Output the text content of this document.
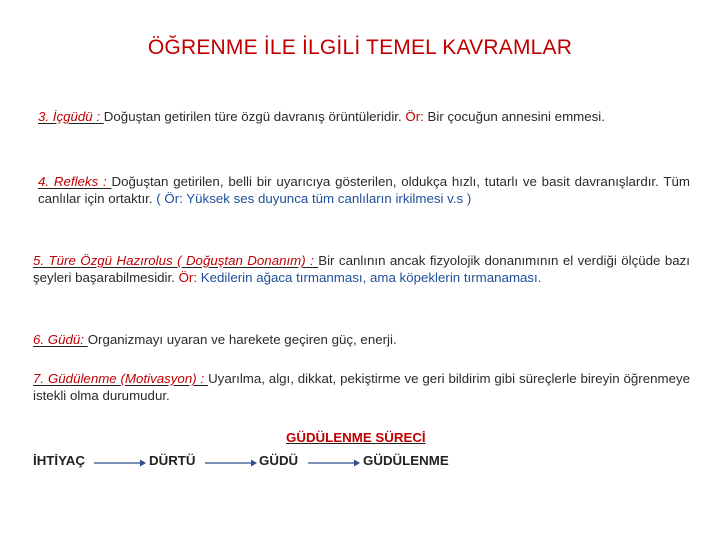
ÖĞRENME İLE İLGİLİ TEMEL KAVRAMLAR
3. İçgüdü : Doğuştan getirilen türe özgü davranış örüntüleridir. Ör: Bir çocuğun annesini emmesi.
4. Refleks : Doğuştan getirilen, belli bir uyarıcıya gösterilen, oldukça hızlı, tutarlı ve basit davranışlardır. Tüm canlılar için ortaktır. ( Ör: Yüksek ses duyunca tüm canlıların irkilmesi v.s )
5. Türe Özgü Hazırolus ( Doğuştan Donanım) : Bir canlının ancak fizyolojik donanımının el verdiği ölçüde bazı şeyleri başarabilmesidir. Ör: Kedilerin ağaca tırmanması, ama köpeklerin tırmanaması.
6. Güdü: Organizmayı uyaran ve harekete geçiren güç, enerji.
7. Güdülenme (Motivasyon) : Uyarılma, algı, dikkat, pekiştirme ve geri bildirim gibi süreçlerle bireyin öğrenmeye istekli olma durumudur.
GÜDÜLENME SÜRECİ
İHTİYAÇ	DÜRTÜ	GÜDÜ	GÜDÜLENME
